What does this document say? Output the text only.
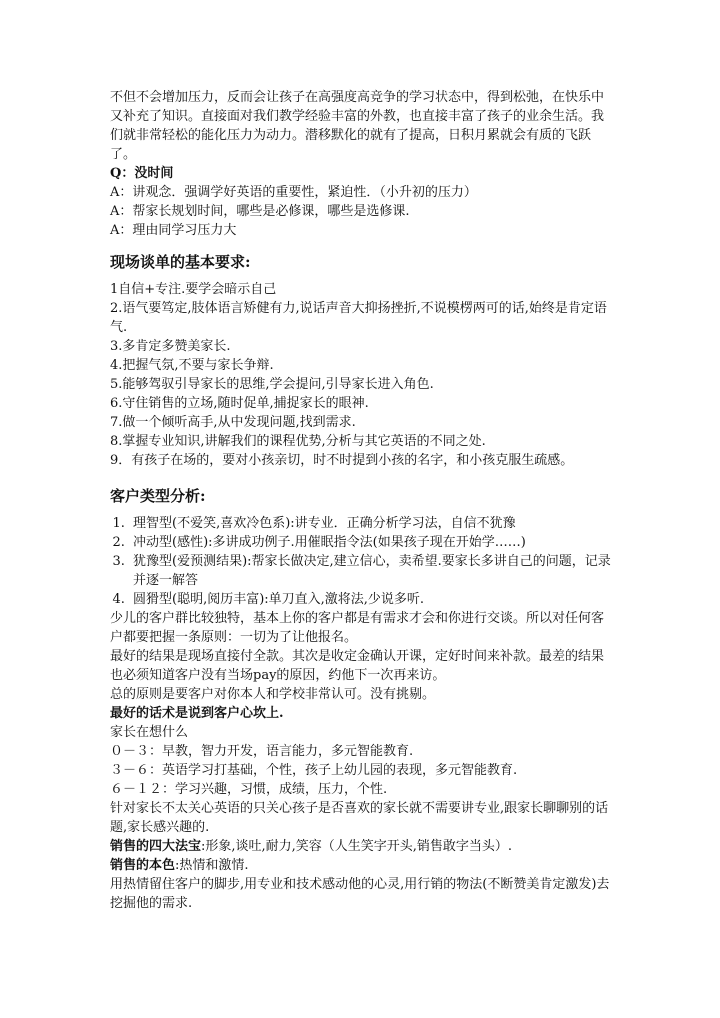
不但不会增加压力，反而会让孩子在高强度高竞争的学习状态中，得到松弛，在快乐中又补充了知识。直接面对我们教学经验丰富的外教，也直接丰富了孩子的业余生活。我们就非常轻松的能化压力为动力。潜移默化的就有了提高，日积月累就会有质的飞跃了。

Q：没时间

A：讲观念．强调学好英语的重要性，紧迫性．（小升初的压力）

A：帮家长规划时间，哪些是必修课，哪些是选修课.

A：理由同学习压力大

现场谈单的基本要求:

1自信+专注.要学会暗示自己

2.语气要笃定,肢体语言矫健有力,说话声音大抑扬挫折,不说模楞两可的话,始终是肯定语气.

3.多肯定多赞美家长.

4.把握气氛,不要与家长争辩.

5.能够驾驭引导家长的思维,学会提问,引导家长进入角色.

6.守住销售的立场,随时促单,捕捉家长的眼神.

7.做一个倾听高手,从中发现问题,找到需求.

8.掌握专业知识,讲解我们的课程优势,分析与其它英语的不同之处.

9．有孩子在场的，要对小孩亲切，时不时提到小孩的名字，和小孩克服生疏感。

客户类型分析:

1. 理智型(不爱笑,喜欢冷色系):讲专业．正确分析学习法，自信不犹豫
2. 冲动型(感性):多讲成功例子.用催眠指令法(如果孩子现在开始学……)
3. 犹豫型(爱预测结果):帮家长做决定,建立信心，卖希望.要家长多讲自己的问题，记录并逐一解答
4. 圆猾型(聪明,阅历丰富):单刀直入,激将法,少说多听.

少儿的客户群比较独特，基本上你的客户都是有需求才会和你进行交谈。所以对任何客户都要把握一条原则：一切为了让他报名。

最好的结果是现场直接付全款。其次是收定金确认开课，定好时间来补款。最差的结果也必须知道客户没有当场pay的原因，约他下一次再来访。

总的原则是要客户对你本人和学校非常认可。没有挑剔。

最好的话术是说到客户心坎上.

家长在想什么

０－３：早教，智力开发，语言能力，多元智能教育.

３－６：英语学习打基础，个性，孩子上幼儿园的表现，多元智能教育.

６－１２：学习兴趣，习惯，成绩，压力，个性.

针对家长不太关心英语的只关心孩子是否喜欢的家长就不需要讲专业,跟家长聊聊别的话题,家长感兴趣的.

销售的四大法宝:形象,谈吐,耐力,笑容（人生笑字开头,销售敢字当头）.

销售的本色:热情和激情.

用热情留住客户的脚步,用专业和技术感动他的心灵,用行销的物法(不断赞美肯定激发)去挖掘他的需求.
